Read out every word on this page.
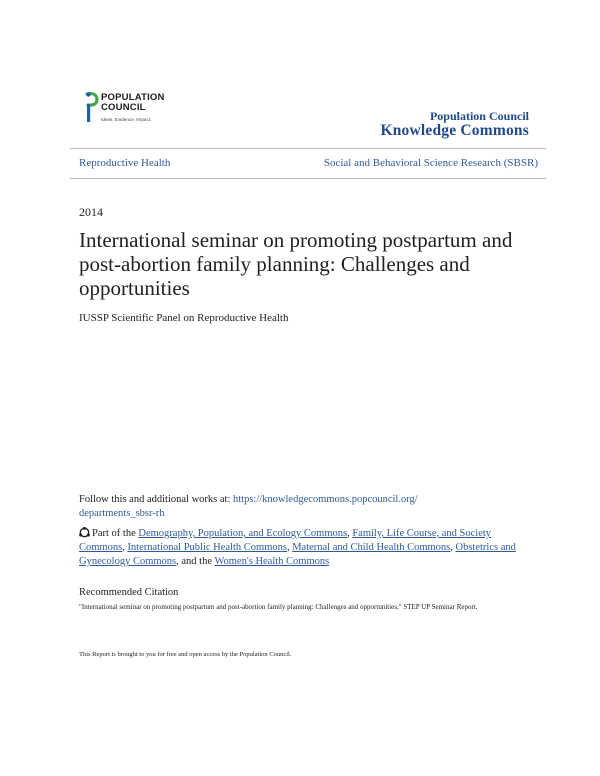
POPULATION
COUNCIL
Ideas. Evidence. Impact.	Population Council
Knowledge Commons
Reproductive Health	Social and Behavioral Science Research (SBSR)
2014
International seminar on promoting postpartum and post-abortion family planning: Challenges and opportunities
IUSSP Scientific Panel on Reproductive Health
Follow this and additional works at: https://knowledgecommons.popcouncil.org/
departments_sbsr-rh
Part of the Demography, Population, and Ecology Commons, Family, Life Course, and Society Commons, International Public Health Commons, Maternal and Child Health Commons, Obstetrics and Gynecology Commons, and the Women's Health Commons
Recommended Citation
"International seminar on promoting postpartum and post-abortion family planning: Challenges and opportunities," STEP UP Seminar Report.
This Report is brought to you for free and open access by the Population Council.
